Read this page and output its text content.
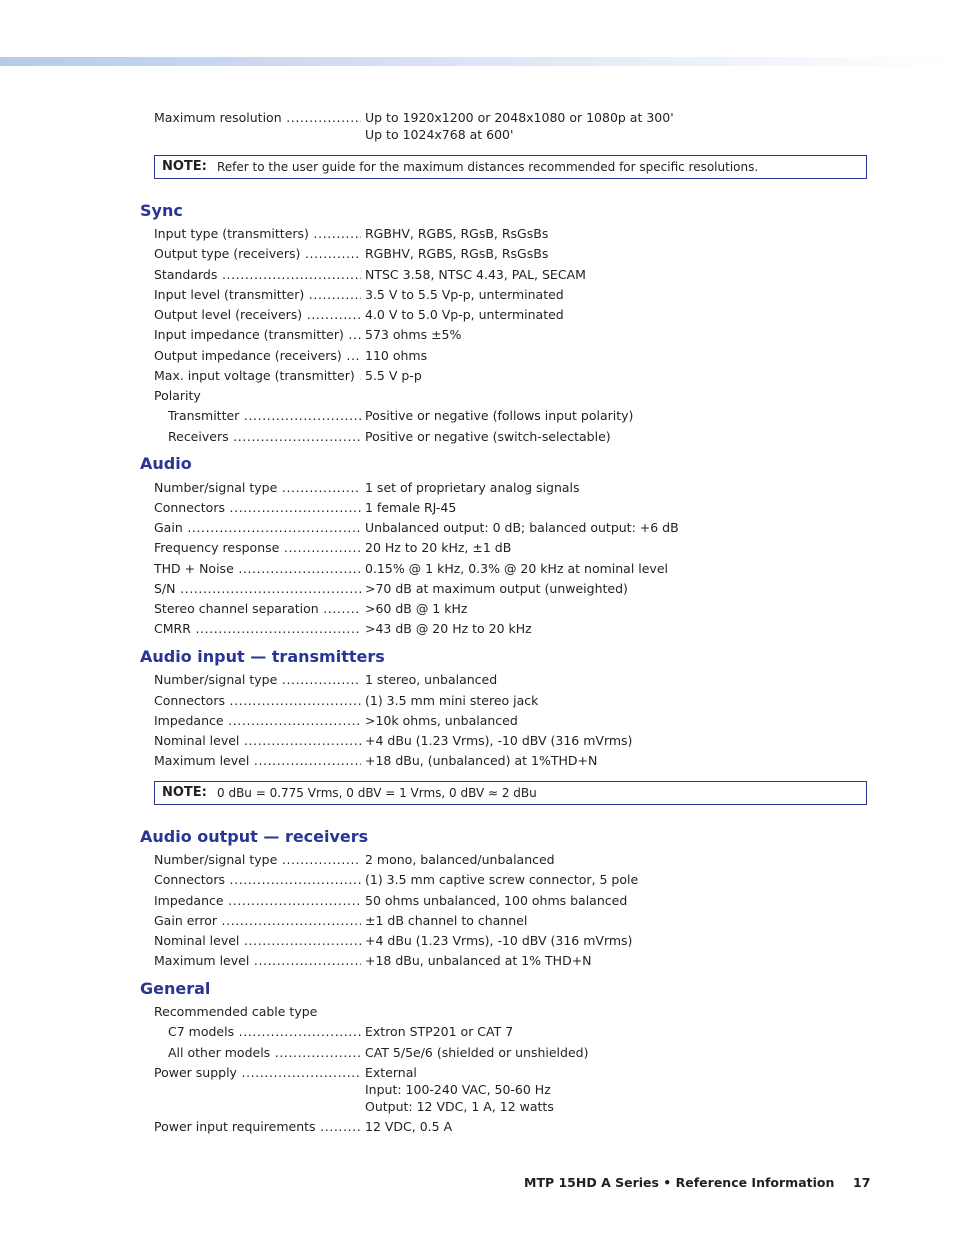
Maximum resolution .....	Up to 1920x1200 or 2048x1080 or 1080p at 300'
Up to 1024x768 at 600'
NOTE: Refer to the user guide for the maximum distances recommended for specific resolutions.
Sync
Input type (transmitters) .....	RGBHV, RGBS, RGsB, RsGsBs
Output type (receivers) .....	RGBHV, RGBS, RGsB, RsGsBs
Standards .....	NTSC 3.58, NTSC 4.43, PAL, SECAM
Input level (transmitter) .....	3.5 V to 5.5 Vp-p, unterminated
Output level (receivers) .....	4.0 V to 5.0 Vp-p, unterminated
Input impedance (transmitter) .....	573 ohms ±5%
Output impedance (receivers) .....	110 ohms
Max. input voltage (transmitter) ..... 5.5 V p-p
Polarity
Transmitter .....	Positive or negative (follows input polarity)
Receivers .....	Positive or negative (switch-selectable)
Audio
Number/signal type .....	1 set of proprietary analog signals
Connectors .....	1 female RJ-45
Gain .....	Unbalanced output: 0 dB; balanced output: +6 dB
Frequency response .....	20 Hz to 20 kHz, ±1 dB
THD + Noise .....	0.15% @ 1 kHz, 0.3% @ 20 kHz at nominal level
S/N .....	>70 dB at maximum output (unweighted)
Stereo channel separation .....	>60 dB @ 1 kHz
CMRR .....	>43 dB @ 20 Hz to 20 kHz
Audio input — transmitters
Number/signal type .....	1 stereo, unbalanced
Connectors .....	(1) 3.5 mm mini stereo jack
Impedance .....	>10k ohms, unbalanced
Nominal level .....	+4 dBu (1.23 Vrms), -10 dBV (316 mVrms)
Maximum level .....	+18 dBu, (unbalanced) at 1%THD+N
NOTE: 0 dBu = 0.775 Vrms, 0 dBV = 1 Vrms, 0 dBV ≈ 2 dBu
Audio output — receivers
Number/signal type .....	2 mono, balanced/unbalanced
Connectors .....	(1) 3.5 mm captive screw connector, 5 pole
Impedance .....	50 ohms unbalanced, 100 ohms balanced
Gain error .....	±1 dB channel to channel
Nominal level .....	+4 dBu (1.23 Vrms), -10 dBV (316 mVrms)
Maximum level .....	+18 dBu, unbalanced at 1% THD+N
General
Recommended cable type
C7 models .....	Extron STP201 or CAT 7
All other models .....	CAT 5/5e/6 (shielded or unshielded)
Power supply .....	External
Input: 100-240 VAC, 50-60 Hz
Output: 12 VDC, 1 A, 12 watts
Power input requirements .....	12 VDC, 0.5 A
MTP 15HD A Series • Reference Information 17
